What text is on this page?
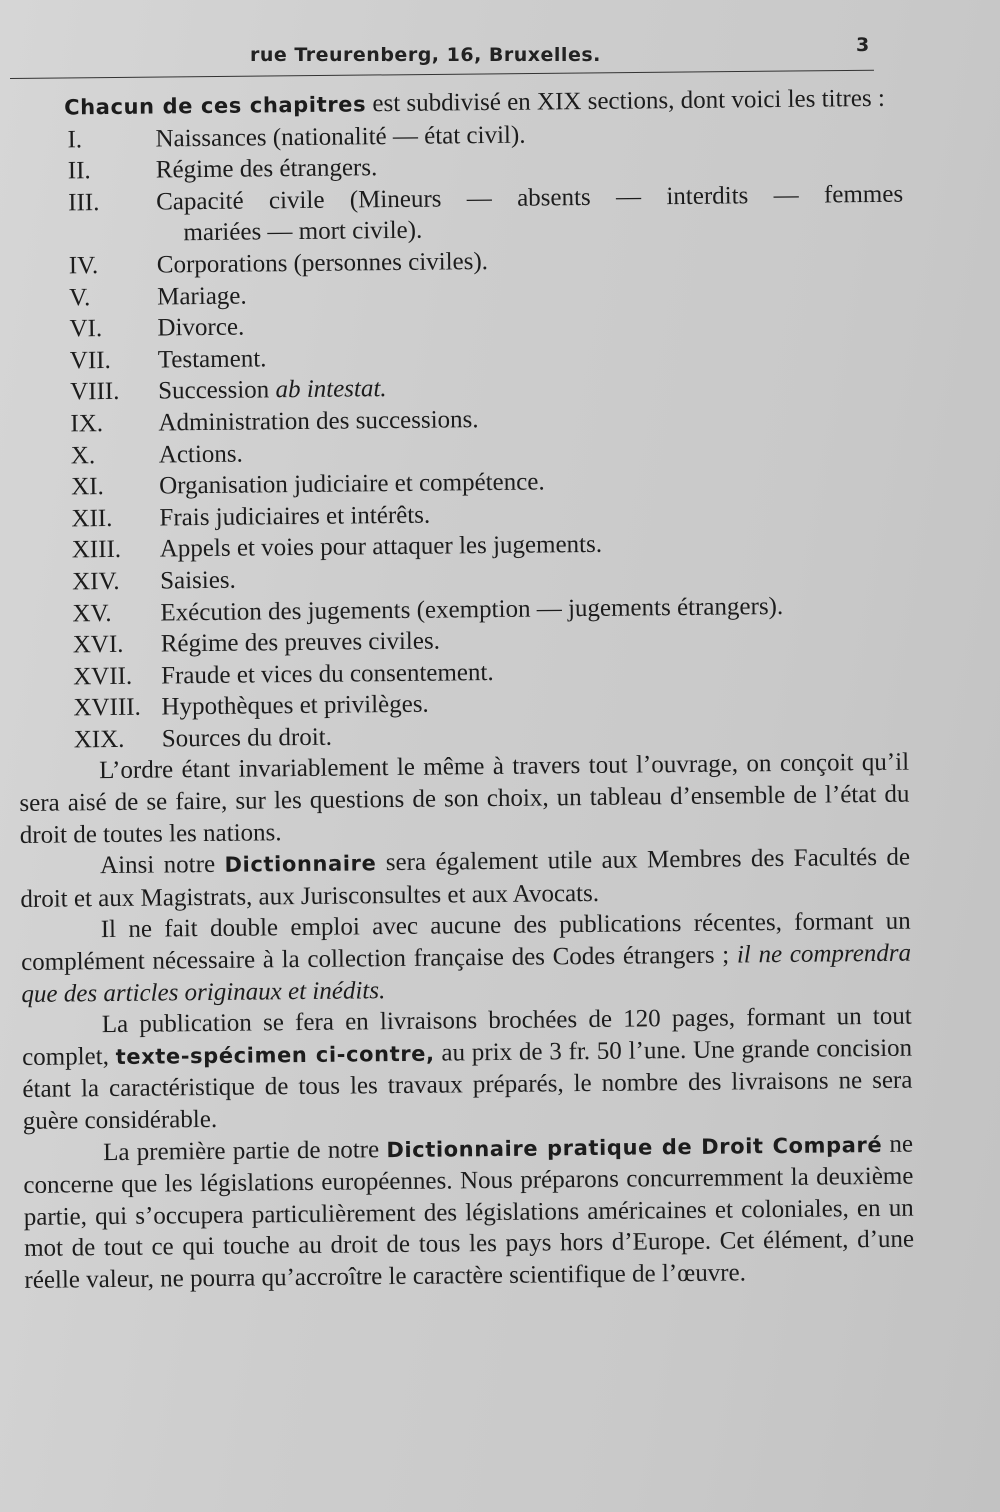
rue Treurenberg, 16, Bruxelles.	3

Chacun de ces chapitres est subdivisé en XIX sections, dont voici les titres :

I.	Naissances (nationalité — état civil).
II.	Régime des étrangers.
III.	Capacité civile (Mineurs — absents — interdits — femmes
mariées — mort civile).
IV.	Corporations (personnes civiles).
V.	Mariage.
VI.	Divorce.
VII.	Testament.
VIII.	Succession ab intestat.
IX.	Administration des successions.
X.	Actions.
XI.	Organisation judiciaire et compétence.
XII.	Frais judiciaires et intérêts.
XIII.	Appels et voies pour attaquer les jugements.
XIV.	Saisies.
XV.	Exécution des jugements (exemption — jugements étrangers).
XVI.	Régime des preuves civiles.
XVII.	Fraude et vices du consentement.
XVIII. Hypothèques et privilèges.
XIX.	Sources du droit.

L’ordre étant invariablement le même à travers tout l’ouvrage, on conçoit qu’il sera aisé de se faire, sur les questions de son choix, un tableau d’ensemble de l’état du droit de toutes les nations.

Ainsi notre Dictionnaire sera également utile aux Membres des Facultés de droit et aux Magistrats, aux Jurisconsultes et aux Avocats.

Il ne fait double emploi avec aucune des publications récentes, formant un complément nécessaire à la collection française des Codes étrangers ; il ne comprendra que des articles originaux et inédits.

La publication se fera en livraisons brochées de 120 pages, formant un tout complet, texte-spécimen ci-contre, au prix de 3 fr. 50 l’une. Une grande concision étant la caractéristique de tous les travaux préparés, le nombre des livraisons ne sera guère considérable.

La première partie de notre Dictionnaire pratique de Droit Comparé ne concerne que les législations européennes. Nous préparons concurremment la deuxième partie, qui s’occupera particulièrement des législations américaines et coloniales, en un mot de tout ce qui touche au droit de tous les pays hors d’Europe. Cet élément, d’une réelle valeur, ne pourra qu’accroître le caractère scientifique de l’œuvre.
